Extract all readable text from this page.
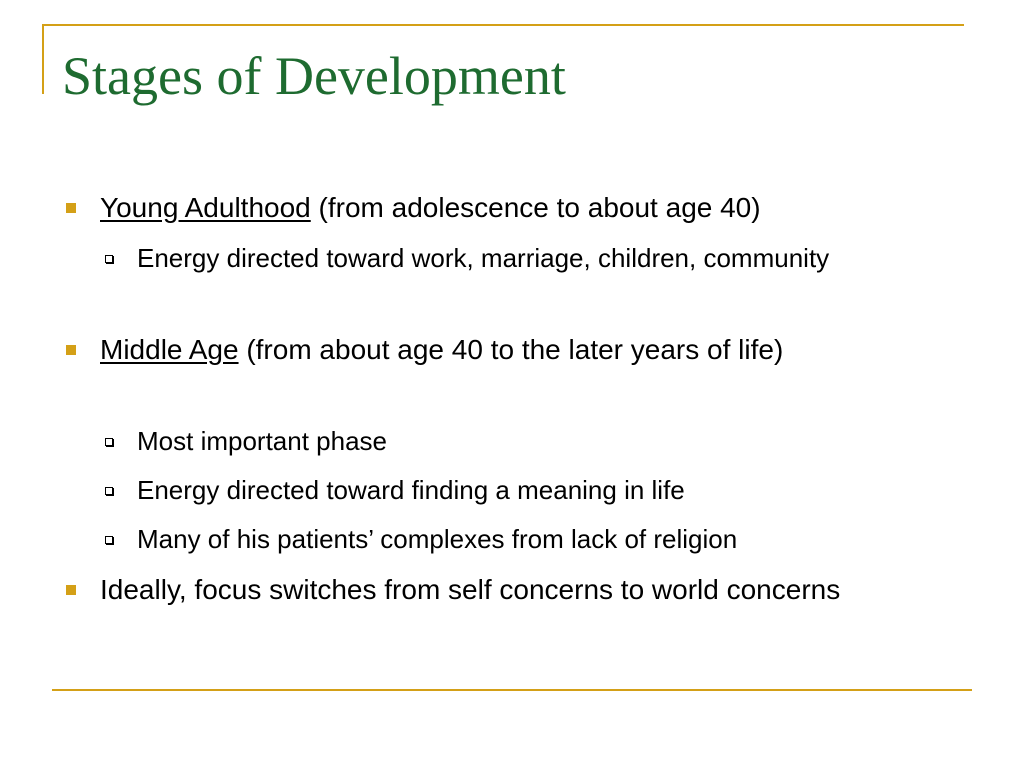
Stages of Development
Young Adulthood (from adolescence to about age 40)
Energy directed toward work, marriage, children, community
Middle Age (from about age 40 to the later years of life)
Most important phase
Energy directed toward finding a meaning in life
Many of his patients’ complexes from lack of religion
Ideally, focus switches from self concerns to world concerns
